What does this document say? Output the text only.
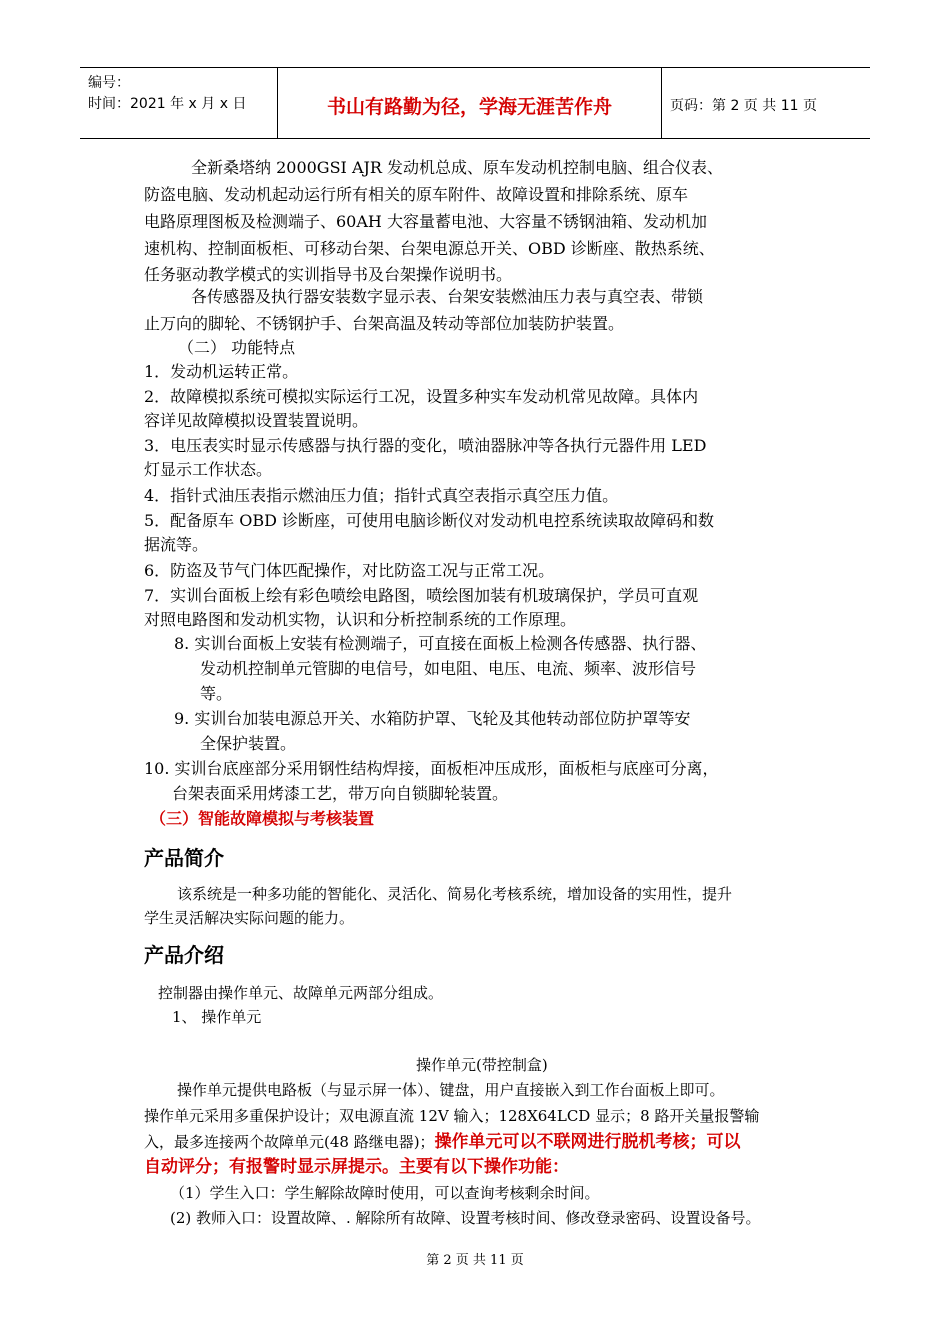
编号：
时间：2021 年 x 月 x 日	书山有路勤为径，学海无涯苦作舟	页码：第 2 页 共 11 页
全新桑塔纳 2000GSI AJR 发动机总成、原车发动机控制电脑、组合仪表、
防盗电脑、发动机起动运行所有相关的原车附件、故障设置和排除系统、原车
电路原理图板及检测端子、60AH 大容量蓄电池、大容量不锈钢油箱、发动机加
速机构、控制面板柜、可移动台架、台架电源总开关、OBD 诊断座、散热系统、
任务驱动教学模式的实训指导书及台架操作说明书。
各传感器及执行器安装数字显示表、台架安装燃油压力表与真空表、带锁
止万向的脚轮、不锈钢护手、台架高温及转动等部位加装防护装置。
（二） 功能特点
1．发动机运转正常。
2．故障模拟系统可模拟实际运行工况，设置多种实车发动机常见故障。具体内
容详见故障模拟设置装置说明。
3．电压表实时显示传感器与执行器的变化，喷油器脉冲等各执行元器件用 LED
灯显示工作状态。
4．指针式油压表指示燃油压力值；指针式真空表指示真空压力值。
5．配备原车 OBD 诊断座，可使用电脑诊断仪对发动机电控系统读取故障码和数
据流等。
6．防盗及节气门体匹配操作，对比防盗工况与正常工况。
7．实训台面板上绘有彩色喷绘电路图，喷绘图加装有机玻璃保护，学员可直观
对照电路图和发动机实物，认识和分析控制系统的工作原理。
8. 实训台面板上安装有检测端子，可直接在面板上检测各传感器、执行器、
发动机控制单元管脚的电信号，如电阻、电压、电流、频率、波形信号
等。
9. 实训台加装电源总开关、水箱防护罩、飞轮及其他转动部位防护罩等安
全保护装置。
10. 实训台底座部分采用钢性结构焊接，面板柜冲压成形，面板柜与底座可分离，
台架表面采用烤漆工艺，带万向自锁脚轮装置。
（三）智能故障模拟与考核装置
产品简介
该系统是一种多功能的智能化、灵活化、简易化考核系统，增加设备的实用性，提升
学生灵活解决实际问题的能力。
产品介绍
控制器由操作单元、故障单元两部分组成。
1、 操作单元
操作单元(带控制盒)
操作单元提供电路板（与显示屏一体）、键盘，用户直接嵌入到工作台面板上即可。
操作单元采用多重保护设计；双电源直流 12V 输入；128X64LCD 显示；8 路开关量报警输
入，最多连接两个故障单元(48 路继电器)；操作单元可以不联网进行脱机考核；可以
自动评分；有报警时显示屏提示。主要有以下操作功能：
（1）学生入口：学生解除故障时使用，可以查询考核剩余时间。
(2) 教师入口：设置故障、. 解除所有故障、设置考核时间、修改登录密码、设置设备号。
第 2 页 共 11 页
